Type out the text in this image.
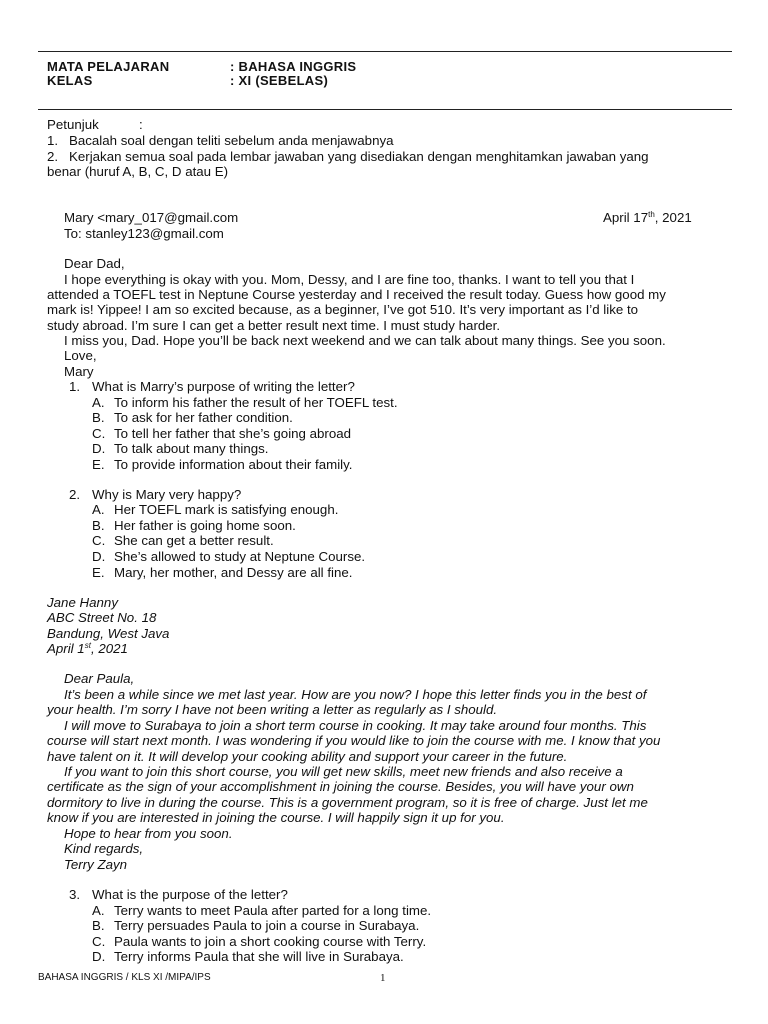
MATA PELAJARAN	: BAHASA INGGRIS
KELAS	: XI (SEBELAS)
Petunjuk	:
1. Bacalah soal dengan teliti sebelum anda menjawabnya
2. Kerjakan semua soal pada lembar jawaban yang disediakan dengan menghitamkan jawaban yang
benar (huruf A, B, C, D atau E)
Mary <mary_017@gmail.com	April 17th, 2021
To: stanley123@gmail.com
Dear Dad,
I hope everything is okay with you. Mom, Dessy, and I are fine too, thanks. I want to tell you that I
attended a TOEFL test in Neptune Course yesterday and I received the result today. Guess how good my
mark is! Yippee! I am so excited because, as a beginner, I’ve got 510. It’s very important as I’d like to
study abroad. I’m sure I can get a better result next time. I must study harder.
I miss you, Dad. Hope you’ll be back next weekend and we can talk about many things. See you soon.
Love,
Mary
1. What is Marry’s purpose of writing the letter?
A. To inform his father the result of her TOEFL test.
B. To ask for her father condition.
C. To tell her father that she’s going abroad
D. To talk about many things.
E. To provide information about their family.
2. Why is Mary very happy?
A. Her TOEFL mark is satisfying enough.
B. Her father is going home soon.
C. She can get a better result.
D. She’s allowed to study at Neptune Course.
E. Mary, her mother, and Dessy are all fine.
Jane Hanny
ABC Street No. 18
Bandung, West Java
April 1st, 2021
Dear Paula,
It’s been a while since we met last year. How are you now? I hope this letter finds you in the best of
your health. I’m sorry I have not been writing a letter as regularly as I should.
I will move to Surabaya to join a short term course in cooking. It may take around four months. This
course will start next month. I was wondering if you would like to join the course with me. I know that you
have talent on it. It will develop your cooking ability and support your career in the future.
If you want to join this short course, you will get new skills, meet new friends and also receive a
certificate as the sign of your accomplishment in joining the course. Besides, you will have your own
dormitory to live in during the course. This is a government program, so it is free of charge. Just let me
know if you are interested in joining the course. I will happily sign it up for you.
Hope to hear from you soon.
Kind regards,
Terry Zayn
3. What is the purpose of the letter?
A. Terry wants to meet Paula after parted for a long time.
B. Terry persuades Paula to join a course in Surabaya.
C. Paula wants to join a short cooking course with Terry.
D. Terry informs Paula that she will live in Surabaya.
BAHASA INGGRIS / KLS XI /MIPA/IPS	1
